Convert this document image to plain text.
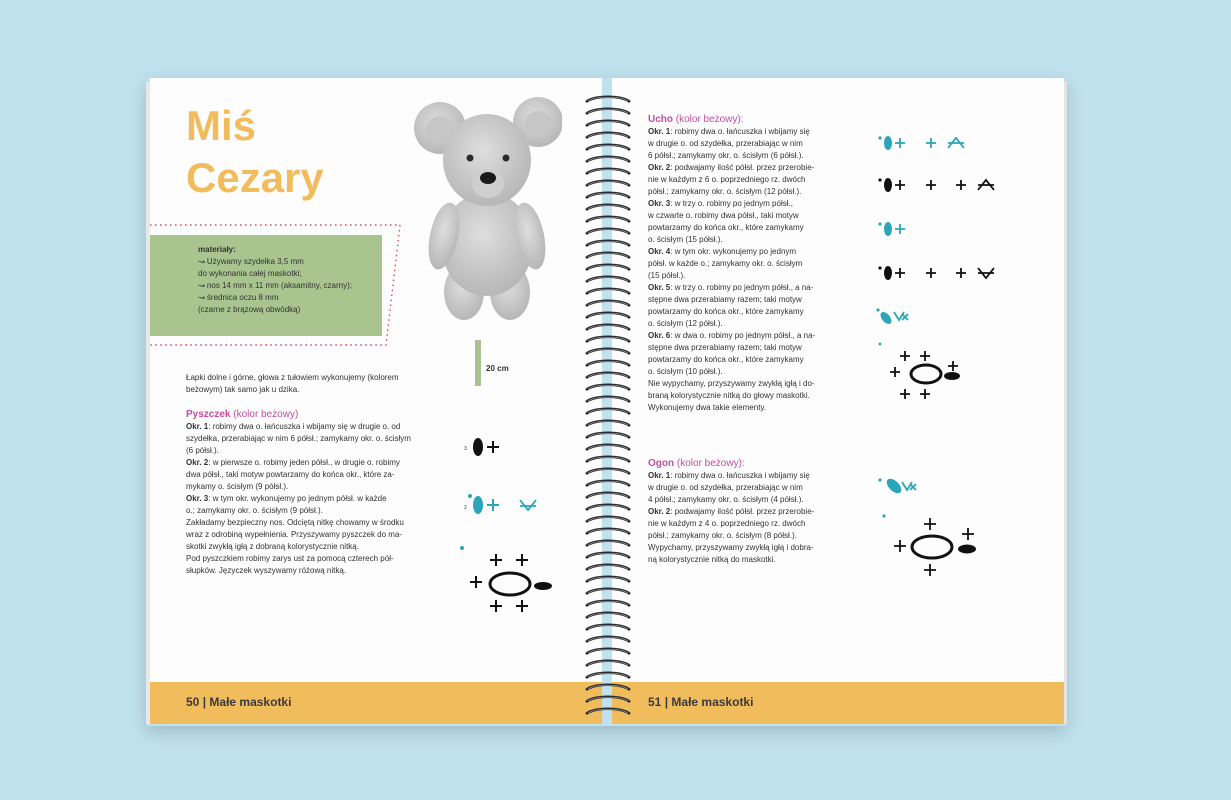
Miś
Cezary
materiały:
↝ Używamy szydełka 3,5 mm
do wykonania całej maskotki;
↝ nos 14 mm x 11 mm (aksamitny, czarny);
↝ średnica oczu 8 mm
(czarne z brązową obwódką)
20 cm
Łapki dolne i górne, głowa z tułowiem wykonujemy (kolorem
beżowym) tak samo jak u dzika.
Pyszczek (kolor beżowy)
Okr. 1: robimy dwa o. łańcuszka i wbijamy się w drugie o. od
szydełka, przerabiając w nim 6 półsł.; zamykamy okr. o. ścisłym
(6 półsł.).
Okr. 2: w pierwsze o. robimy jeden półsł., w drugie o. robimy
dwa półsł., taki motyw powtarzamy do końca okr., które za-
mykamy o. ścisłym (9 półsł.).
Okr. 3: w tym okr. wykonujemy po jednym półsł. w każde
o.; zamykamy okr. o. ścisłym (9 półsł.).
Zakładamy bezpieczny nos. Odciętą nitkę chowamy w środku
wraz z odrobiną wypełnienia. Przyszywamy pyszczek do ma-
skotki zwykłą igłą z dobraną kolorystycznie nitką.
Pod pyszczkiem robimy zarys ust za pomocą czterech pół-
słupków. Języczek wyszywamy różową nitką.
3
2
50 | Małe maskotki
Ucho (kolor beżowy):
Okr. 1: robimy dwa o. łańcuszka i wbijamy się
w drugie o. od szydełka, przerabiając w nim
6 półsł.; zamykamy okr. o. ścisłym (6 półsł.).
Okr. 2: podwajamy ilość półsł. przez przerobie-
nie w każdym z 6 o. poprzedniego rz. dwóch
półsł.; zamykamy okr. o. ścisłym (12 półsł.).
Okr. 3: w trzy o. robimy po jednym półsł.,
w czwarte o. robimy dwa półsł., taki motyw
powtarzamy do końca okr., które zamykamy
o. ścisłym (15 półsł.).
Okr. 4: w tym okr. wykonujemy po jednym
półsł. w każde o.; zamykamy okr. o. ścisłym
(15 półsł.).
Okr. 5: w trzy o. robimy po jednym półsł., a na-
stępne dwa przerabiamy razem; taki motyw
powtarzamy do końca okr., które zamykamy
o. ścisłym (12 półsł.).
Okr. 6: w dwa o. robimy po jednym półsł., a na-
stępne dwa przerabiamy razem; taki motyw
powtarzamy do końca okr., które zamykamy
o. ścisłym (10 półsł.).
Nie wypychamy, przyszywamy zwykłą igłą i do-
braną kolorystycznie nitką do głowy maskotki.
Wykonujemy dwa takie elementy.
Ogon (kolor beżowy):
Okr. 1: robimy dwa o. łańcuszka i wbijamy się
w drugie o. od szydełka, przerabiając w nim
4 półsł.; zamykamy okr. o. ścisłym (4 półsł.).
Okr. 2: podwajamy ilość półsł. przez przerobie-
nie w każdym z 4 o. poprzedniego rz. dwóch
półsł.; zamykamy okr. o. ścisłym (8 półsł.).
Wypychamy, przyszywamy zwykłą igłą i dobra-
ną kolorystycznie nitką do maskotki.
51 | Małe maskotki
